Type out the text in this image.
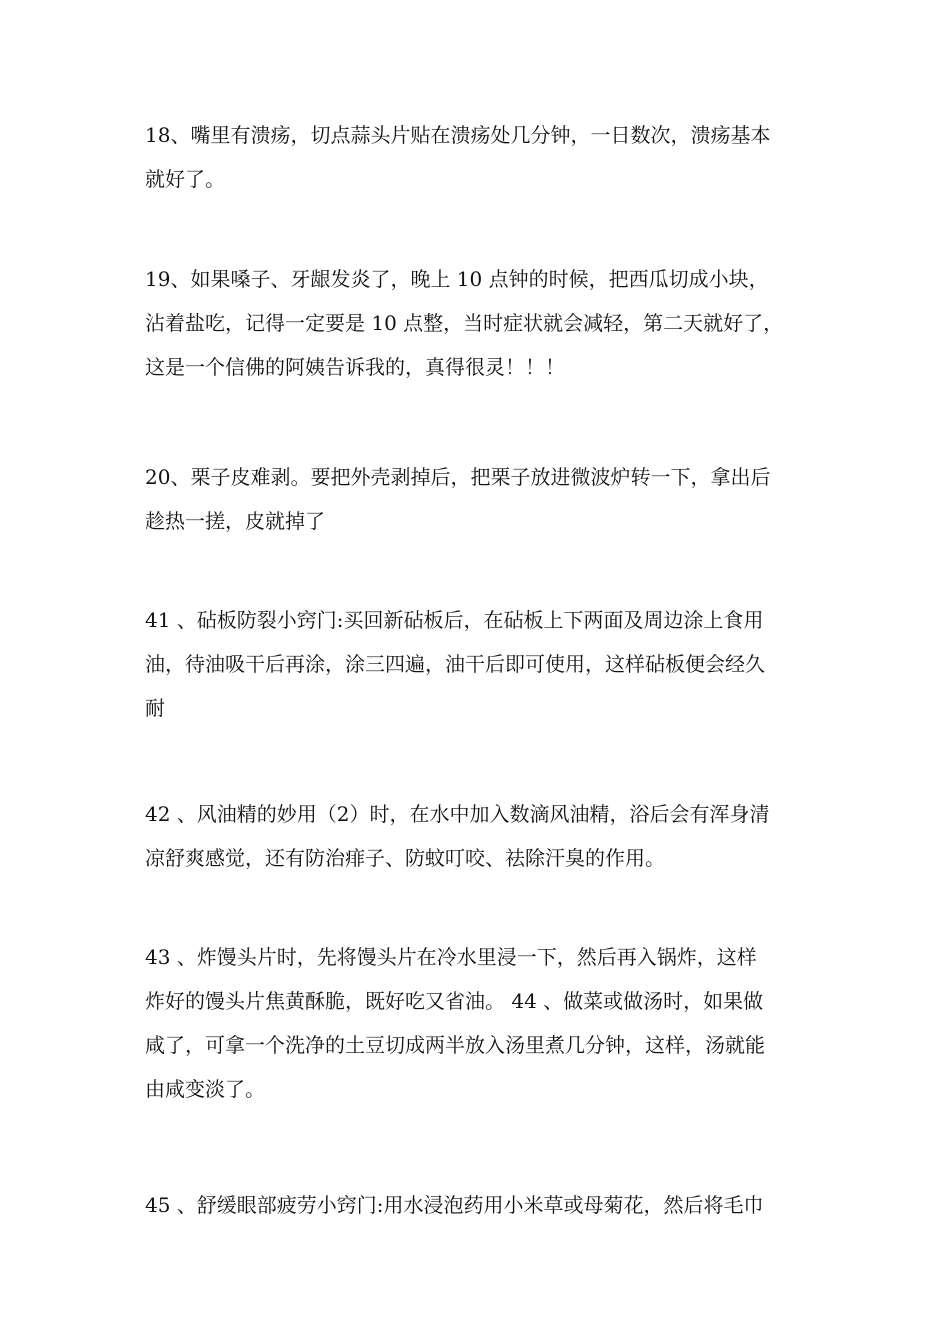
18、嘴里有溃疡，切点蒜头片贴在溃疡处几分钟，一日数次，溃疡基本
就好了。
19、如果嗓子、牙龈发炎了，晚上 10 点钟的时候，把西瓜切成小块，
沾着盐吃，记得一定要是 10 点整，当时症状就会减轻，第二天就好了，
这是一个信佛的阿姨告诉我的，真得很灵！！！
20、栗子皮难剥。要把外壳剥掉后，把栗子放进微波炉转一下，拿出后
趁热一搓，皮就掉了
41 、砧板防裂小窍门:买回新砧板后，在砧板上下两面及周边涂上食用
油，待油吸干后再涂，涂三四遍，油干后即可使用，这样砧板便会经久
耐
42 、风油精的妙用（2）时，在水中加入数滴风油精，浴后会有浑身清
凉舒爽感觉，还有防治痱子、防蚊叮咬、祛除汗臭的作用。
43 、炸馒头片时，先将馒头片在冷水里浸一下，然后再入锅炸，这样
炸好的馒头片焦黄酥脆，既好吃又省油。 44 、做菜或做汤时，如果做
咸了，可拿一个洗净的土豆切成两半放入汤里煮几分钟，这样，汤就能
由咸变淡了。
45 、舒缓眼部疲劳小窍门:用水浸泡药用小米草或母菊花，然后将毛巾
